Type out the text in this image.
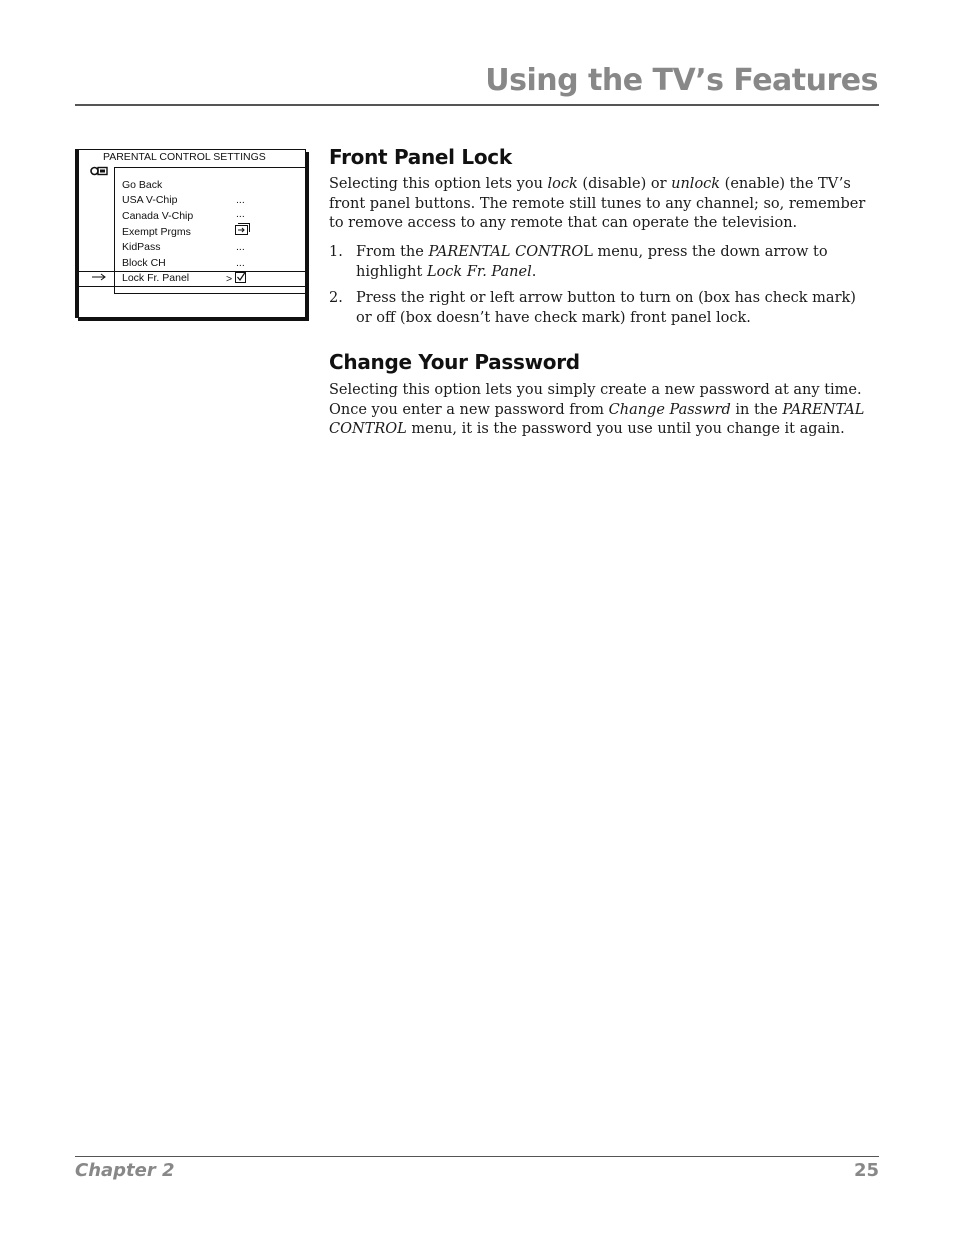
Using the TV’s Features
PARENTAL CONTROL SETTINGS
Go Back
USA V-Chip	...
Canada V-Chip	...
Exempt Prgms
KidPass	...
Block CH	...
Lock Fr. Panel	>
Front Panel Lock

Selecting this option lets you lock (disable) or unlock (enable) the TV’s front panel buttons. The remote still tunes to any channel; so, remember to remove access to any remote that can operate the television.

1. From the PARENTAL CONTROL menu, press the down arrow to highlight Lock Fr. Panel.
2. Press the right or left arrow button to turn on (box has check mark) or off (box doesn’t have check mark) front panel lock.
Change Your Password

Selecting this option lets you simply create a new password at any time. Once you enter a new password from Change Passwrd in the PARENTAL CONTROL menu, it is the password you use until you change it again.

Chapter 2	25
